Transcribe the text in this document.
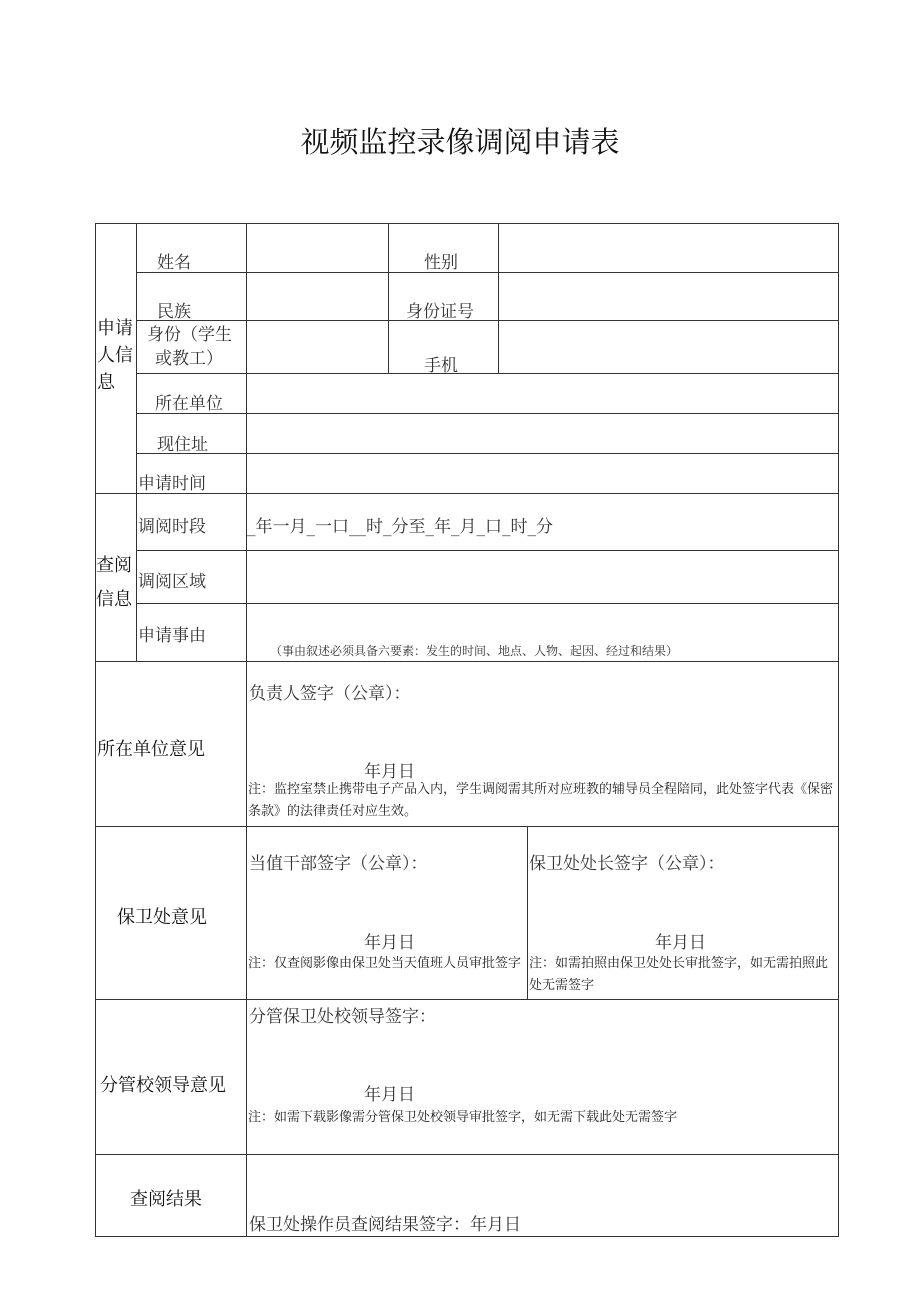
视频监控录像调阅申请表
申请
人信
息
姓名	性别
民族	身份证号
身份（学生
或教工）	手机
所在单位
现住址
申请时间
查阅
信息
调阅时段 _年一月_一口__时_分至_年_月_口_时_分
调阅区域
申请事由
（事由叙述必须具备六要素：发生的时间、地点、人物、起因、经过和结果）
所在单位意见
负责人签字（公章）：
年月日
注：监控室禁止携带电子产品入内，学生调阅需其所对应班教的辅导员全程陪同，此处签字代表《保密条款》的法律责任对应生效。
保卫处意见
当值干部签字（公章）：
年月日
注：仅查阅影像由保卫处当天值班人员审批签字
保卫处处长签字（公章）：
年月日
注：如需拍照由保卫处处长审批签字，如无需拍照此处无需签字
分管校领导意见
分管保卫处校领导签字：
年月日
注：如需下载影像需分管保卫处校领导审批签字，如无需下载此处无需签字
查阅结果
保卫处操作员查阅结果签字：年月日
